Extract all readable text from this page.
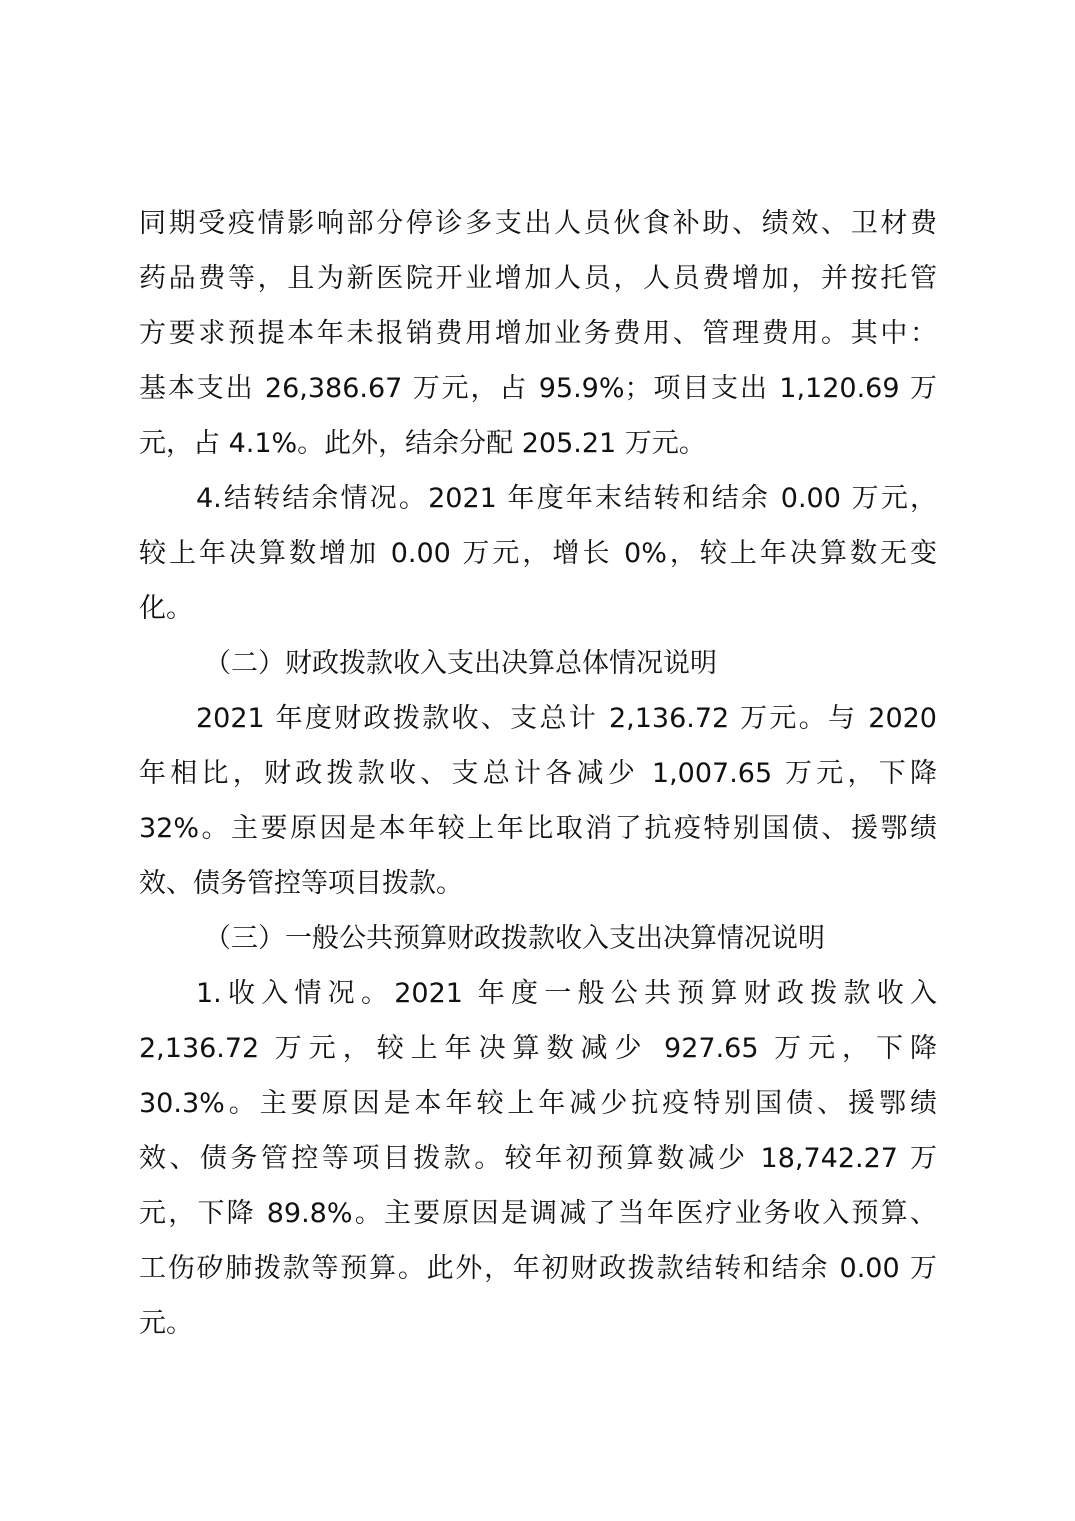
同期受疫情影响部分停诊多支出人员伙食补助、绩效、卫材费
药品费等，且为新医院开业增加人员，人员费增加，并按托管
方要求预提本年未报销费用增加业务费用、管理费用。其中：
基本支出 26,386.67 万元，占 95.9%；项目支出 1,120.69 万
元，占 4.1%。此外，结余分配 205.21 万元。
4.结转结余情况。2021 年度年末结转和结余 0.00 万元，
较上年决算数增加 0.00 万元，增长 0%，较上年决算数无变
化。
（二）财政拨款收入支出决算总体情况说明
2021 年度财政拨款收、支总计 2,136.72 万元。与 2020
年相比，财政拨款收、支总计各减少 1,007.65 万元，下降
32%。主要原因是本年较上年比取消了抗疫特别国债、援鄂绩
效、债务管控等项目拨款。
（三）一般公共预算财政拨款收入支出决算情况说明
1.收入情况。2021 年度一般公共预算财政拨款收入
2,136.72 万元，较上年决算数减少 927.65 万元，下降
30.3%。主要原因是本年较上年减少抗疫特别国债、援鄂绩
效、债务管控等项目拨款。较年初预算数减少 18,742.27 万
元，下降 89.8%。主要原因是调减了当年医疗业务收入预算、
工伤矽肺拨款等预算。此外，年初财政拨款结转和结余 0.00 万
元。
